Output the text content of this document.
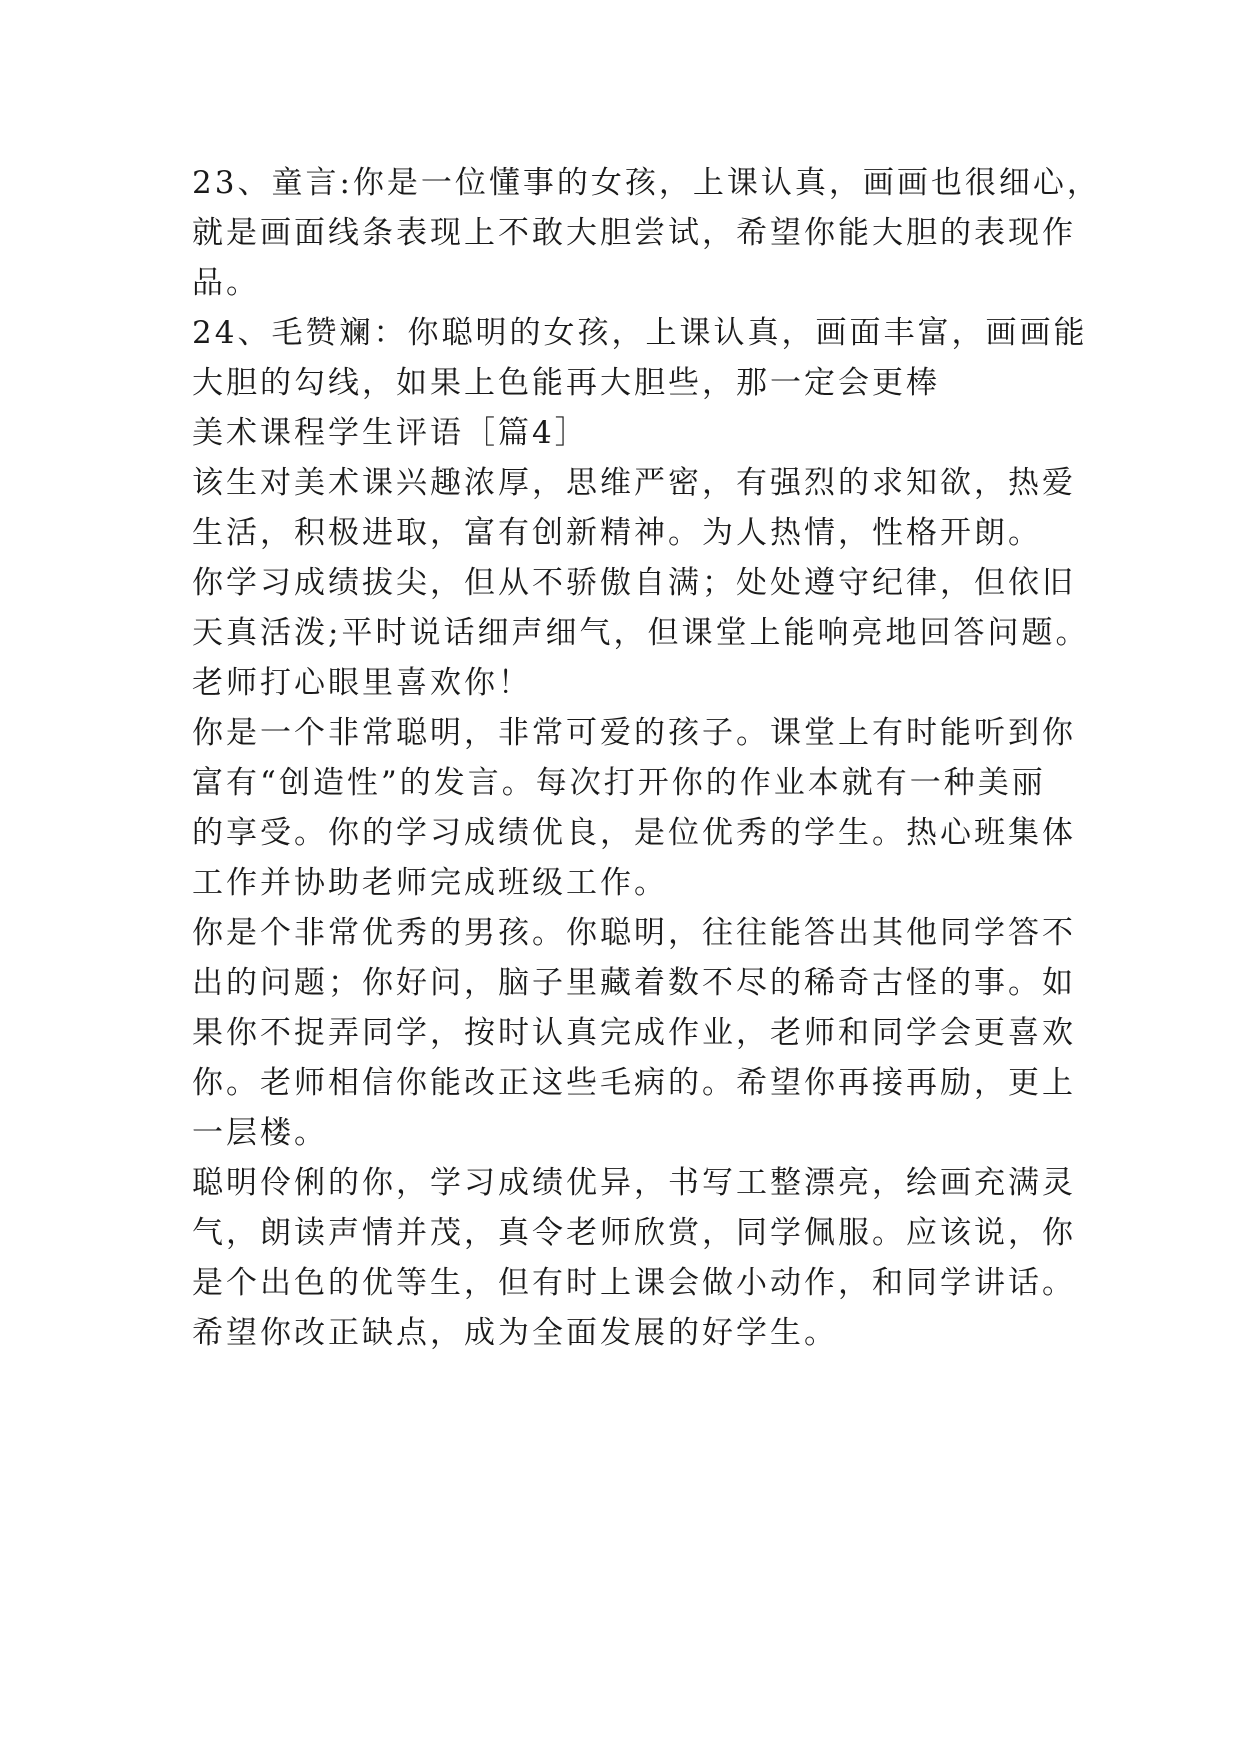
23、童言:你是一位懂事的女孩，上课认真，画画也很细心，
就是画面线条表现上不敢大胆尝试，希望你能大胆的表现作
品。
24、毛赞斓：你聪明的女孩，上课认真，画面丰富，画画能
大胆的勾线，如果上色能再大胆些，那一定会更棒
美术课程学生评语［篇4］
该生对美术课兴趣浓厚，思维严密，有强烈的求知欲，热爱
生活，积极进取，富有创新精神。为人热情，性格开朗。
你学习成绩拔尖，但从不骄傲自满；处处遵守纪律，但依旧
天真活泼;平时说话细声细气，但课堂上能响亮地回答问题。
老师打心眼里喜欢你！
你是一个非常聪明，非常可爱的孩子。课堂上有时能听到你
富有“创造性”的发言。每次打开你的作业本就有一种美丽
的享受。你的学习成绩优良，是位优秀的学生。热心班集体
工作并协助老师完成班级工作。
你是个非常优秀的男孩。你聪明，往往能答出其他同学答不
出的问题；你好问，脑子里藏着数不尽的稀奇古怪的事。如
果你不捉弄同学，按时认真完成作业，老师和同学会更喜欢
你。老师相信你能改正这些毛病的。希望你再接再励，更上
一层楼。
聪明伶俐的你，学习成绩优异，书写工整漂亮，绘画充满灵
气，朗读声情并茂，真令老师欣赏，同学佩服。应该说，你
是个出色的优等生，但有时上课会做小动作，和同学讲话。
希望你改正缺点，成为全面发展的好学生。
